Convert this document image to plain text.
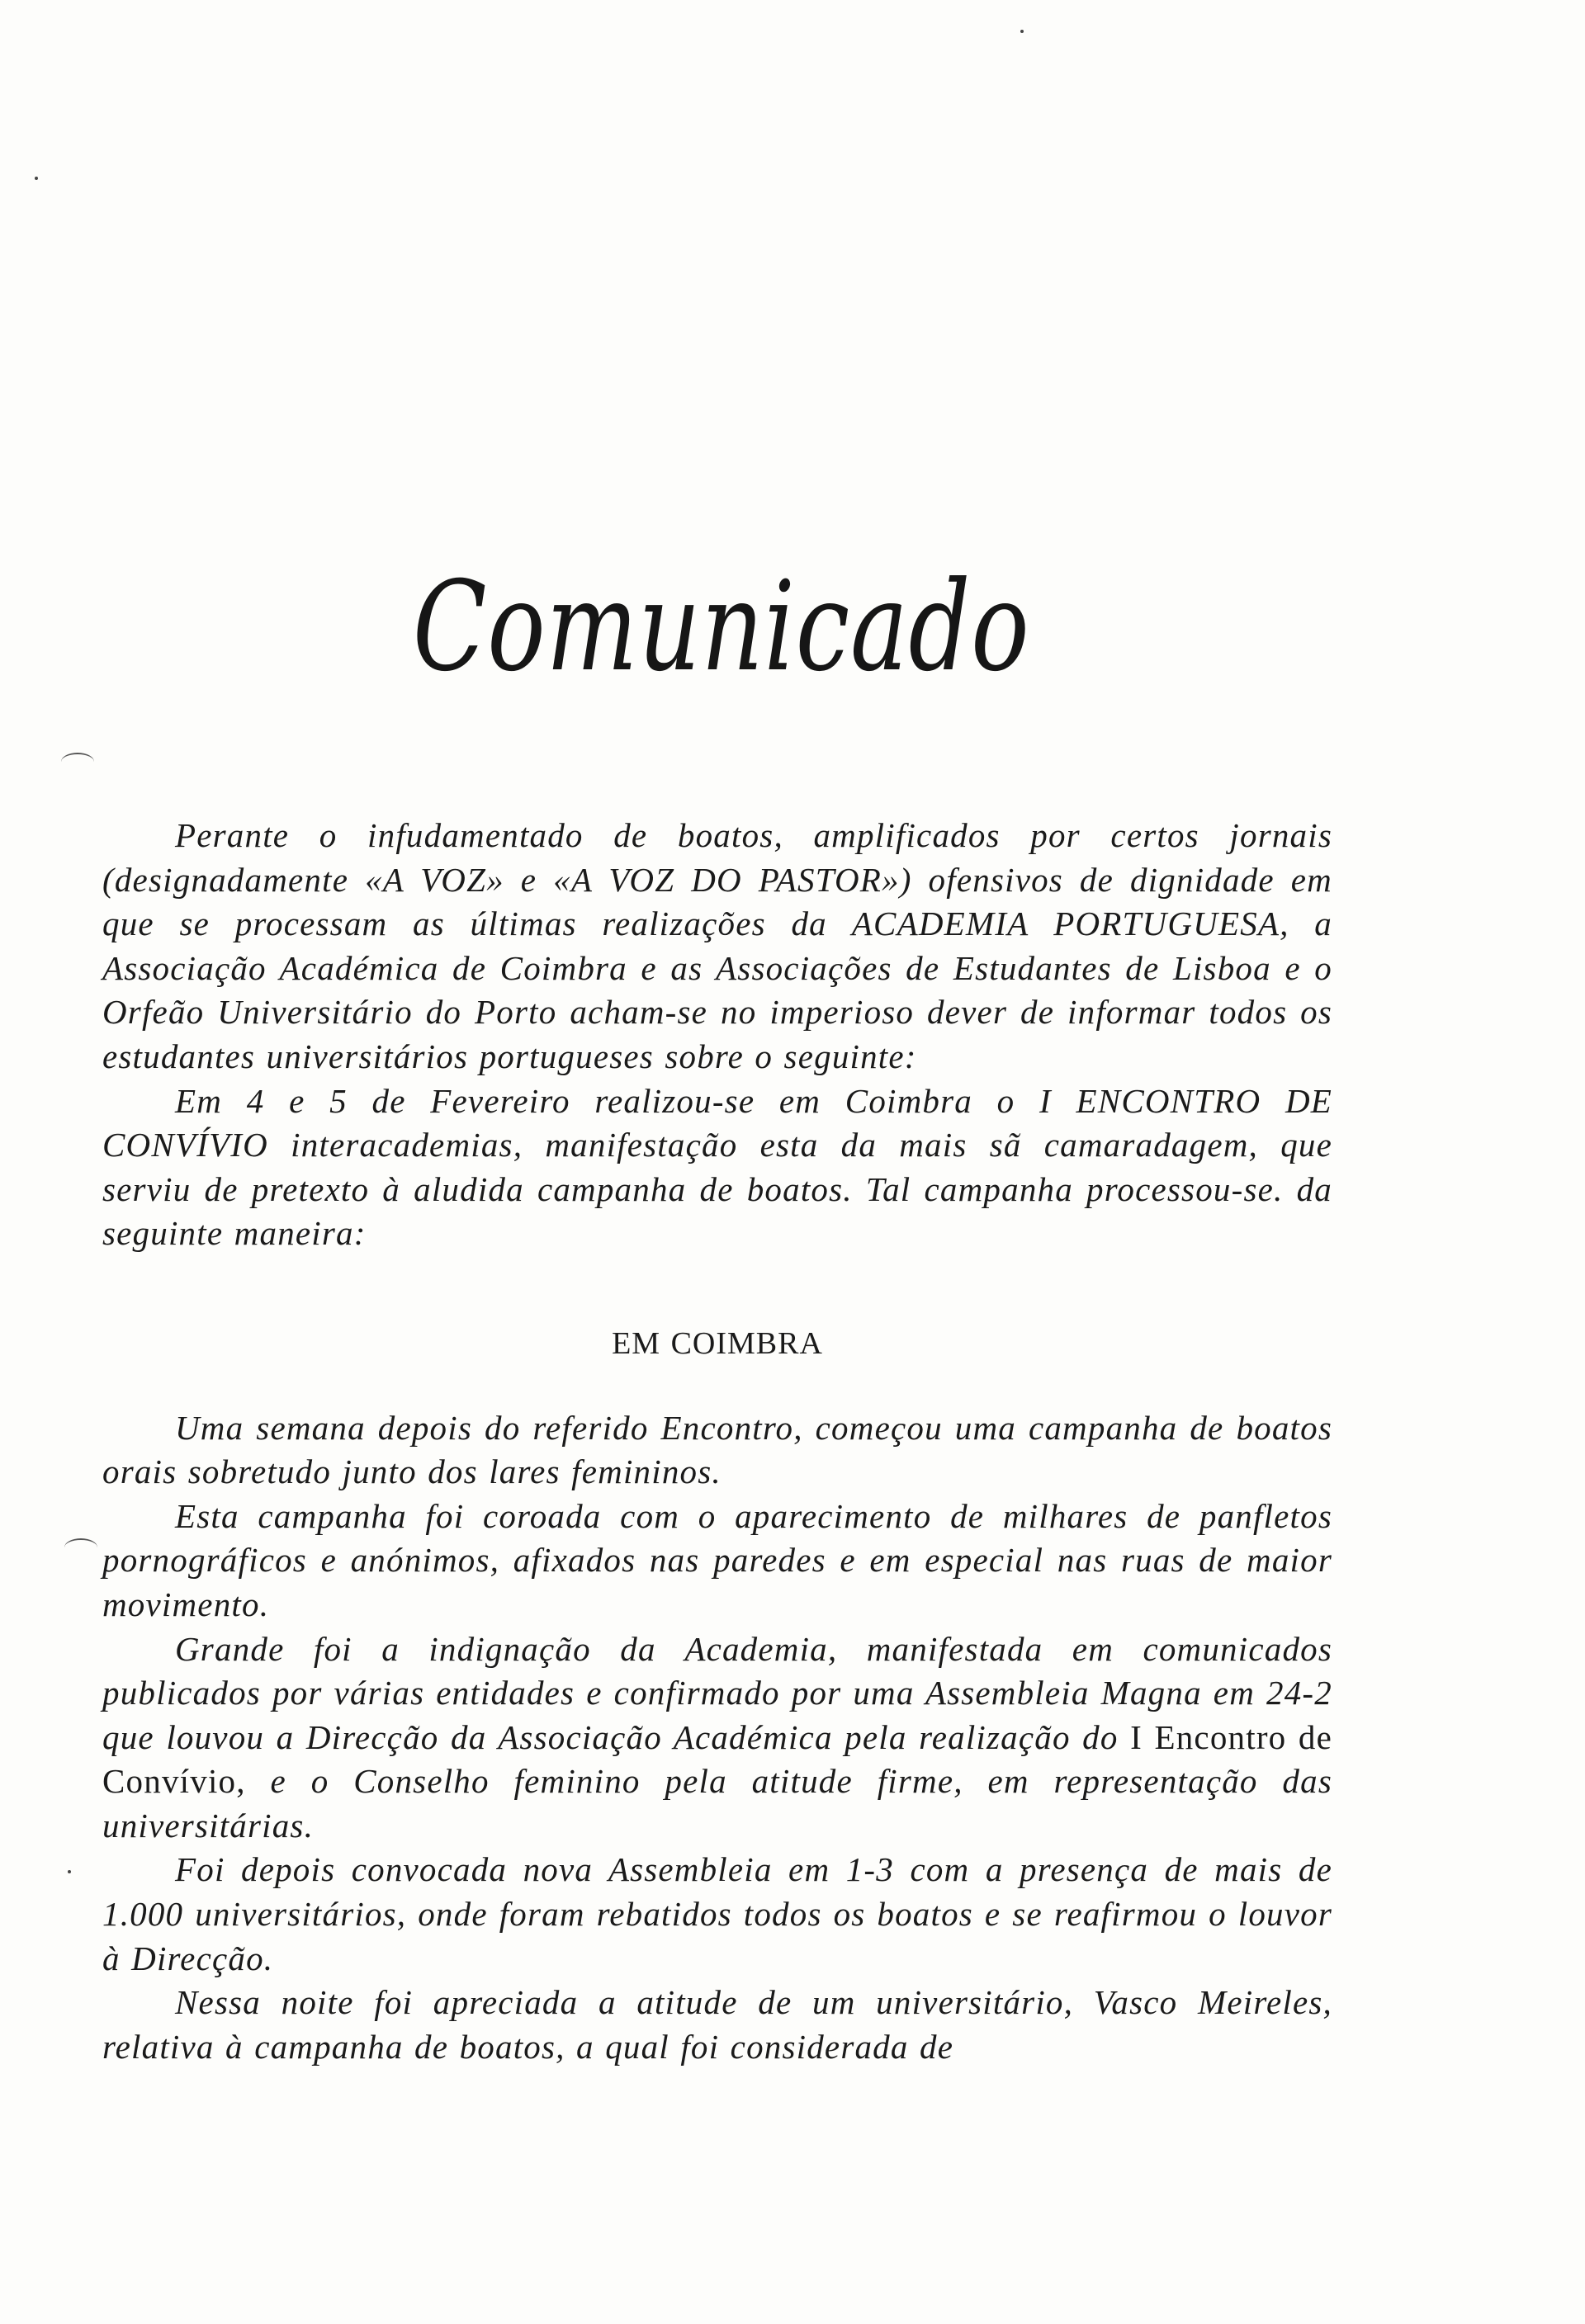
Comunicado

Perante o infudamentado de boatos, amplificados por certos jornais (designadamente «A VOZ» e «A VOZ DO PASTOR») ofensivos de dignidade em que se processam as últimas realizações da ACADEMIA PORTUGUESA, a Associação Académica de Coimbra e as Associações de Estudantes de Lisboa e o Orfeão Universitário do Porto acham-se no imperioso dever de informar todos os estudantes universitários portugueses sobre o seguinte:

Em 4 e 5 de Fevereiro realizou-se em Coimbra o I ENCONTRO DE CONVÍVIO interacademias, manifestação esta da mais sã camaradagem, que serviu de pretexto à aludida campanha de boatos. Tal campanha processou-se. da seguinte maneira:

EM COIMBRA

Uma semana depois do referido Encontro, começou uma campanha de boatos orais sobretudo junto dos lares femininos.

Esta campanha foi coroada com o aparecimento de milhares de panfletos pornográficos e anónimos, afixados nas paredes e em especial nas ruas de maior movimento.

Grande foi a indignação da Academia, manifestada em comunicados publicados por várias entidades e confirmado por uma Assembleia Magna em 24-2 que louvou a Direcção da Associação Académica pela realização do I Encontro de Convívio, e o Conselho feminino pela atitude firme, em representação das universitárias.

Foi depois convocada nova Assembleia em 1-3 com a presença de mais de 1.000 universitários, onde foram rebatidos todos os boatos e se reafirmou o louvor à Direcção.

Nessa noite foi apreciada a atitude de um universitário, Vasco Meireles, relativa à campanha de boatos, a qual foi considerada de
